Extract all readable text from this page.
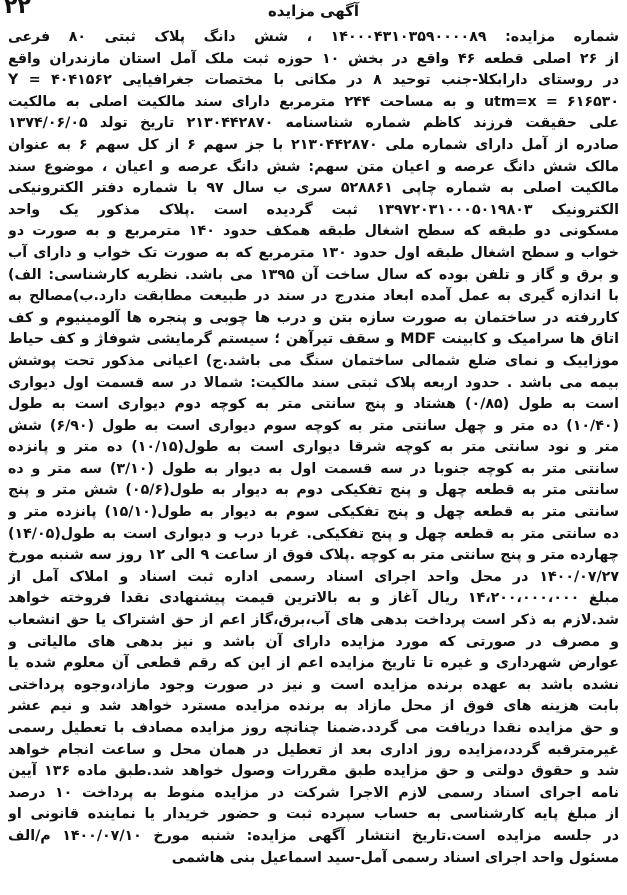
۲۲	آگهی مزایده
شماره مزایده: ۱۴۰۰۰۴۳۱۰۳۵۹۰۰۰۰۸۹ ، شش دانگ پلاک ثبتی ۸۰ فرعی
از ۲۶ اصلی قطعه ۴۶ واقع در بخش ۱۰ حوزه ثبت ملک آمل استان مازندران واقع
در روستای دارابکلا-جنب توحید ۸ در مکانی با مختصات جغرافیایی ۴۰۴۱۵۶۲ = Y
۶۱۶۵۳۰ = utm=x و به مساحت ۲۴۴ مترمربع دارای سند مالکیت اصلی به مالکیت
علی حقیقت فرزند کاظم شماره شناسنامه ۲۱۳۰۴۴۲۸۷۰ تاریخ تولد ۱۳۷۴/۰۶/۰۵
صادره از آمل دارای شماره ملی ۲۱۳۰۴۴۲۸۷۰ با جز سهم ۶ از کل سهم ۶ به عنوان
مالک شش دانگ عرصه و اعیان متن سهم: شش دانگ عرصه و اعیان ، موضوع سند
مالکیت اصلی به شماره چاپی ۵۲۸۸۶۱ سری ب سال ۹۷ با شماره دفتر الکترونیکی
الکترونیک ۱۳۹۷۲۰۳۱۰۰۰۵۰۱۹۸۰۳ ثبت گردیده است .پلاک مذکور یک واحد
مسکونی دو طبقه که سطح اشغال طبقه همکف حدود ۱۴۰ مترمربع و به صورت دو
خواب و سطح اشغال طبقه اول حدود ۱۳۰ مترمربع که به صورت تک خواب و دارای آب
و برق و گاز و تلفن بوده که سال ساخت آن ۱۳۹۵ می باشد. نظریه کارشناسی: الف)
با اندازه گیری به عمل آمده ابعاد مندرج در سند در طبیعت مطابقت دارد.ب)مصالح به
کاررفته در ساختمان به صورت سازه بتن و درب ها چوبی و پنجره ها آلومینیوم و کف
اتاق ها سرامیک و کابینت MDF و سقف تیرآهن ؛ سیستم گرمایشی شوفاژ و کف حیاط
موزاییک و نمای ضلع شمالی ساختمان سنگ می باشد.ج) اعیانی مذکور تحت پوشش
بیمه می باشد . حدود اربعه پلاک ثبتی سند مالکیت: شمالا در سه قسمت اول دیواری
است به طول (۰/۸۵) هشتاد و پنج سانتی متر به کوچه دوم دیواری است به طول
(۱۰/۴۰) ده متر و چهل سانتی متر به کوچه سوم دیواری است به طول (۶/۹۰) شش
متر و نود سانتی متر به کوچه شرقا دیواری است به طول(۱۰/۱۵) ده متر و پانزده
سانتی متر به کوچه جنوبا در سه قسمت اول به دیوار به طول (۳/۱۰) سه متر و ده
سانتی متر به قطعه چهل و پنج تفکیکی دوم به دیوار به طول(۰۵/۶) شش متر و پنج
سانتی متر به قطعه چهل و پنج تفکیکی سوم به دیوار به طول(۱۵/۱۰) پانزده متر و
ده سانتی متر به قطعه چهل و پنج تفکیکی. غربا درب و دیواری است به طول(۱۴/۰۵)
چهارده متر و پنج سانتی متر به کوچه .پلاک فوق از ساعت ۹ الی ۱۲ روز سه شنبه مورخ
۱۴۰۰/۰۷/۲۷ در محل واحد اجرای اسناد رسمی اداره ثبت اسناد و املاک آمل از
مبلغ ۱۴،۲۰۰،۰۰۰،۰۰۰ ریال آغاز و به بالاترین قیمت پیشنهادی نقدا فروخته خواهد
شد.لازم به ذکر است پرداخت بدهی های آب،برق،گاز اعم از حق اشتراک یا حق انشعاب
و مصرف در صورتی که مورد مزایده دارای آن باشد و نیز بدهی های مالیاتی و
عوارض شهرداری و غیره تا تاریخ مزایده اعم از این که رقم قطعی آن معلوم شده یا
نشده باشد به عهده برنده مزایده است و نیز در صورت وجود مازاد،وجوه پرداختی
بابت هزینه های فوق از محل مازاد به برنده مزایده مسترد خواهد شد و نیم عشر
و حق مزایده نقدا دریافت می گردد.ضمنا چنانچه روز مزایده مصادف با تعطیل رسمی
غیرمترقبه گردد،مزایده روز اداری بعد از تعطیل در همان محل و ساعت انجام خواهد
شد و حقوق دولتی و حق مزایده طبق مقررات وصول خواهد شد.طبق ماده ۱۳۶ آیین
نامه اجرای اسناد رسمی لازم الاجرا شرکت در مزایده منوط به پرداخت ۱۰ درصد
از مبلغ پایه کارشناسی به حساب سپرده ثبت و حضور خریدار یا نماینده قانونی او
در جلسه مزایده است.تاریخ انتشار آگهی مزایده: شنبه مورخ ۱۴۰۰/۰۷/۱۰ م/الف
مسئول واحد اجرای اسناد رسمی آمل-سید اسماعیل بنی هاشمی
